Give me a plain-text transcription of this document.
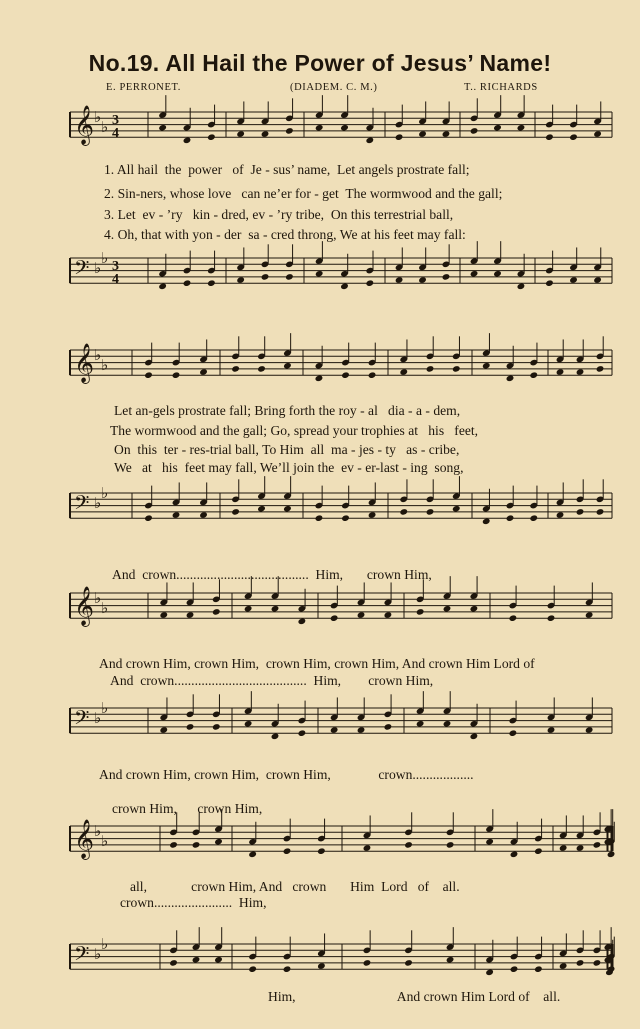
No.19. All Hail the Power of Jesus’ Name!
E. PERRONET.	(DIADEM. C. M.)	T.. RICHARDS
𝄞 ♭
♭ 3
4
𝄢 ♭
♭ 3
4
𝄞 ♭
♭
𝄢 ♭
♭
𝄞 ♭
♭
𝄢 ♭
♭
𝄞 ♭
♭
𝄢 ♭
♭
1. All hail  the  power   of  Je - sus’ name,  Let angels prostrate fall;
2. Sin-ners, whose love   can ne’er for - get  The wormwood and the gall;
3. Let  ev - ’ry   kin - dred, ev - ’ry tribe,  On this terrestrial ball,
4. Oh, that with yon - der  sa - cred throng, We at his feet may fall:
Let an-gels prostrate fall; Bring forth the roy - al   dia - a - dem,
The wormwood and the gall; Go, spread your trophies at   his   feet,
On  this  ter - res-trial ball, To Him  all  ma - jes - ty   as - cribe,
We   at   his  feet may fall, We’ll join the  ev - er-last - ing  song,
And  crown.......................................  Him,       crown Him,
And crown Him, crown Him,  crown Him, crown Him, And crown Him Lord of
And  crown.......................................  Him,        crown Him,
And crown Him, crown Him,  crown Him,              crown..................
crown Him,      crown Him,
all,             crown Him, And   crown       Him  Lord   of    all.
crown.......................  Him,
Him,                              And crown Him Lord of    all.
